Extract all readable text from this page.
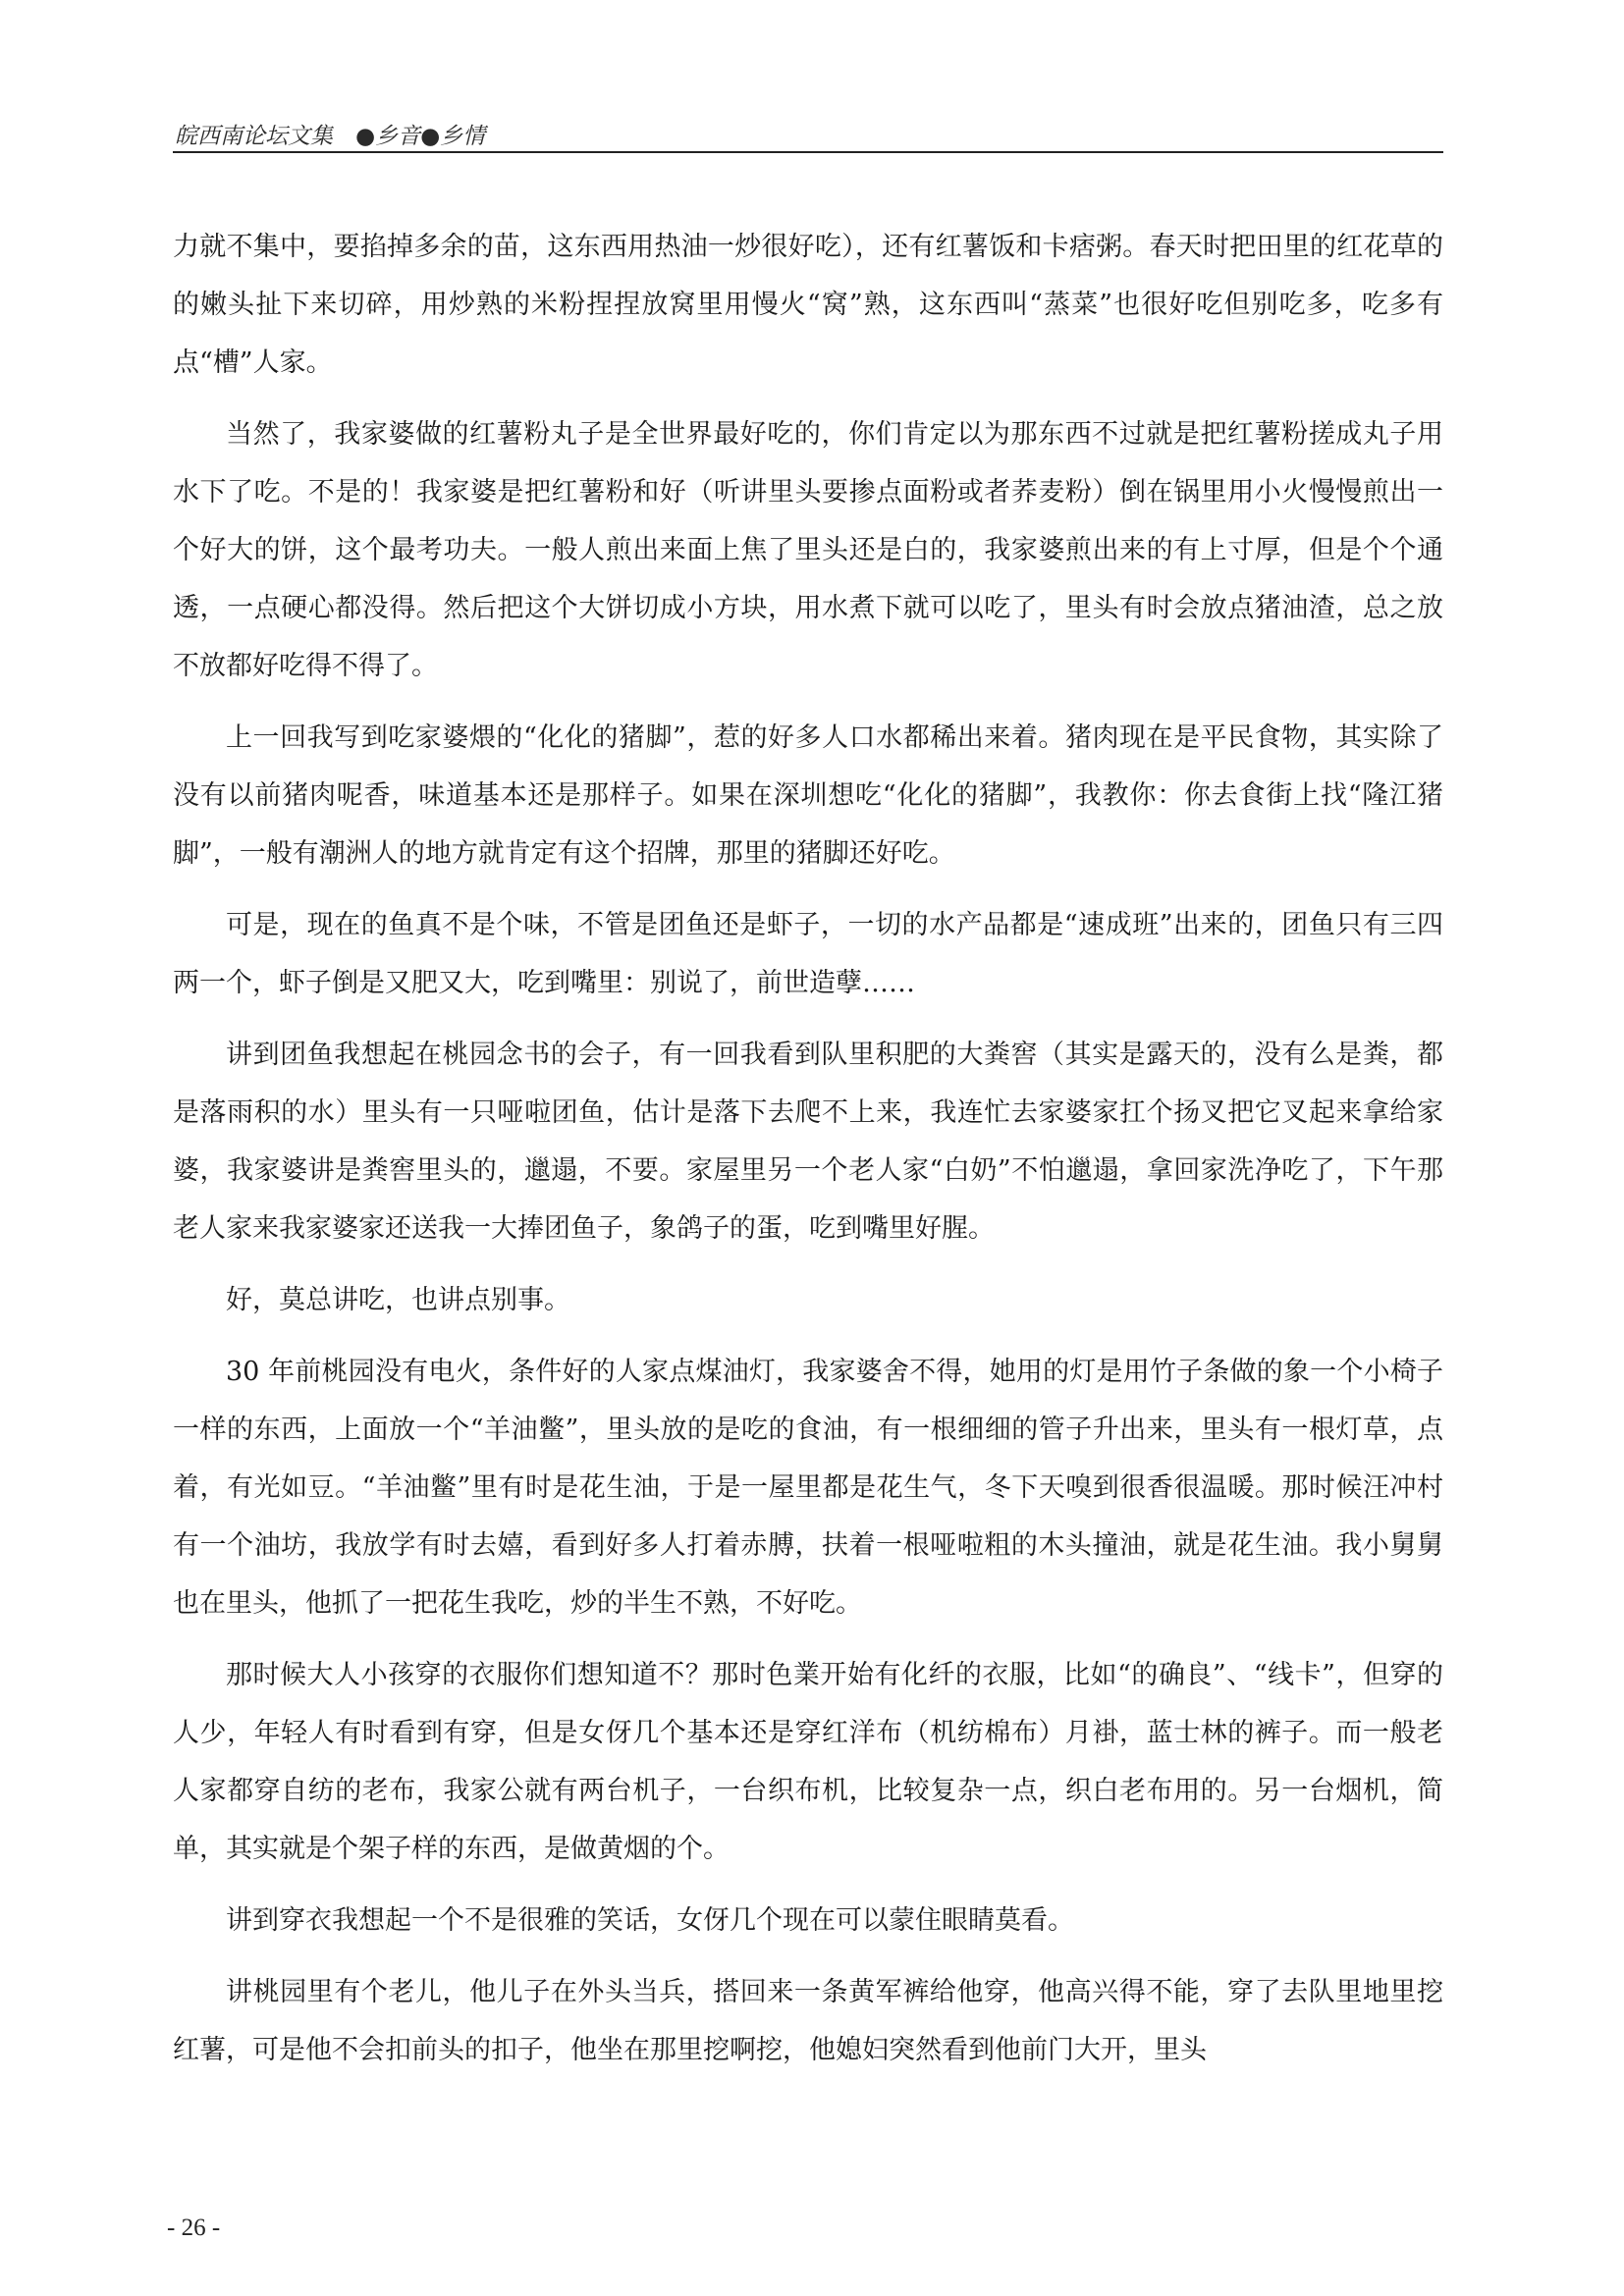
皖西南论坛文集　●乡音●乡情

力就不集中，要掐掉多余的苗，这东西用热油一炒很好吃），还有红薯饭和卡痞粥。春天时把田里的红花草的的嫩头扯下来切碎，用炒熟的米粉捏捏放窝里用慢火“窝”熟，这东西叫“蒸菜”也很好吃但别吃多，吃多有点“槽”人家。

当然了，我家婆做的红薯粉丸子是全世界最好吃的，你们肯定以为那东西不过就是把红薯粉搓成丸子用水下了吃。不是的！我家婆是把红薯粉和好（听讲里头要掺点面粉或者荞麦粉）倒在锅里用小火慢慢煎出一个好大的饼，这个最考功夫。一般人煎出来面上焦了里头还是白的，我家婆煎出来的有上寸厚，但是个个通透，一点硬心都没得。然后把这个大饼切成小方块，用水煮下就可以吃了，里头有时会放点猪油渣，总之放不放都好吃得不得了。

上一回我写到吃家婆煨的“化化的猪脚”，惹的好多人口水都稀出来着。猪肉现在是平民食物，其实除了没有以前猪肉呢香，味道基本还是那样子。如果在深圳想吃“化化的猪脚”，我教你：你去食街上找“隆江猪脚”，一般有潮洲人的地方就肯定有这个招牌，那里的猪脚还好吃。

可是，现在的鱼真不是个味，不管是团鱼还是虾子，一切的水产品都是“速成班”出来的，团鱼只有三四两一个，虾子倒是又肥又大，吃到嘴里：别说了，前世造孽……

讲到团鱼我想起在桃园念书的会子，有一回我看到队里积肥的大粪窖（其实是露天的，没有么是粪，都是落雨积的水）里头有一只哑啦团鱼，估计是落下去爬不上来，我连忙去家婆家扛个扬叉把它叉起来拿给家婆，我家婆讲是粪窖里头的，邋遢，不要。家屋里另一个老人家“白奶”不怕邋遢，拿回家洗净吃了，下午那老人家来我家婆家还送我一大捧团鱼子，象鸽子的蛋，吃到嘴里好腥。

好，莫总讲吃，也讲点别事。

30 年前桃园没有电火，条件好的人家点煤油灯，我家婆舍不得，她用的灯是用竹子条做的象一个小椅子一样的东西，上面放一个“羊油鳖”，里头放的是吃的食油，有一根细细的管子升出来，里头有一根灯草，点着，有光如豆。“羊油鳖”里有时是花生油，于是一屋里都是花生气，冬下天嗅到很香很温暖。那时候汪冲村有一个油坊，我放学有时去嬉，看到好多人打着赤膊，扶着一根哑啦粗的木头撞油，就是花生油。我小舅舅也在里头，他抓了一把花生我吃，炒的半生不熟，不好吃。

那时候大人小孩穿的衣服你们想知道不？那时色業开始有化纤的衣服，比如“的确良”、“线卡”，但穿的人少，年轻人有时看到有穿，但是女伢几个基本还是穿红洋布（机纺棉布）月褂，蓝士林的裤子。而一般老人家都穿自纺的老布，我家公就有两台机子，一台织布机，比较复杂一点，织白老布用的。另一台烟机，简单，其实就是个架子样的东西，是做黄烟的个。

讲到穿衣我想起一个不是很雅的笑话，女伢几个现在可以蒙住眼睛莫看。

讲桃园里有个老儿，他儿子在外头当兵，搭回来一条黄军裤给他穿，他高兴得不能，穿了去队里地里挖红薯，可是他不会扣前头的扣子，他坐在那里挖啊挖，他媳妇突然看到他前门大开，里头

- 26 -
